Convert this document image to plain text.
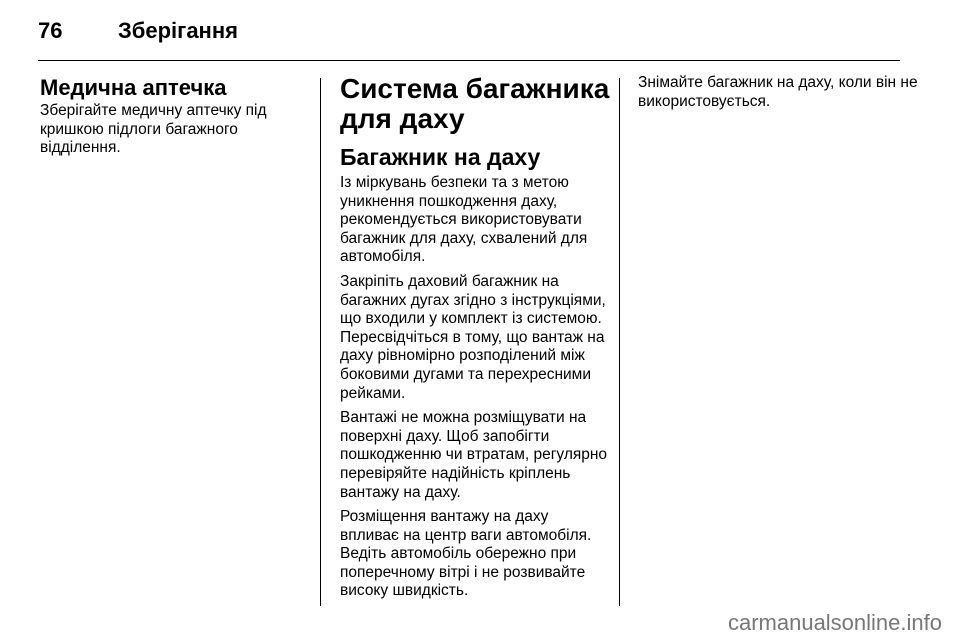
76	Зберігання
Медична аптечка

Зберігайте медичну аптечку під кришкою підлоги багажного відділення.

Система багажника для даху
Багажник на даху

Із міркувань безпеки та з метою уникнення пошкодження даху, рекомендується використовувати багажник для даху, схвалений для автомобіля.

Закріпіть даховий багажник на багажних дугах згідно з інструкціями, що входили у комплект із системою. Пересвідчіться в тому, що вантаж на даху рівномірно розподілений між боковими дугами та перехресними рейками.

Вантажі не можна розміщувати на поверхні даху. Щоб запобігти пошкодженню чи втратам, регулярно перевіряйте надійність кріплень вантажу на даху.

Розміщення вантажу на даху впливає на центр ваги автомобіля. Ведіть автомобіль обережно при поперечному вітрі і не розвивайте високу швидкість.

Знімайте багажник на даху, коли він не використовується.

carmanualsonline.info
